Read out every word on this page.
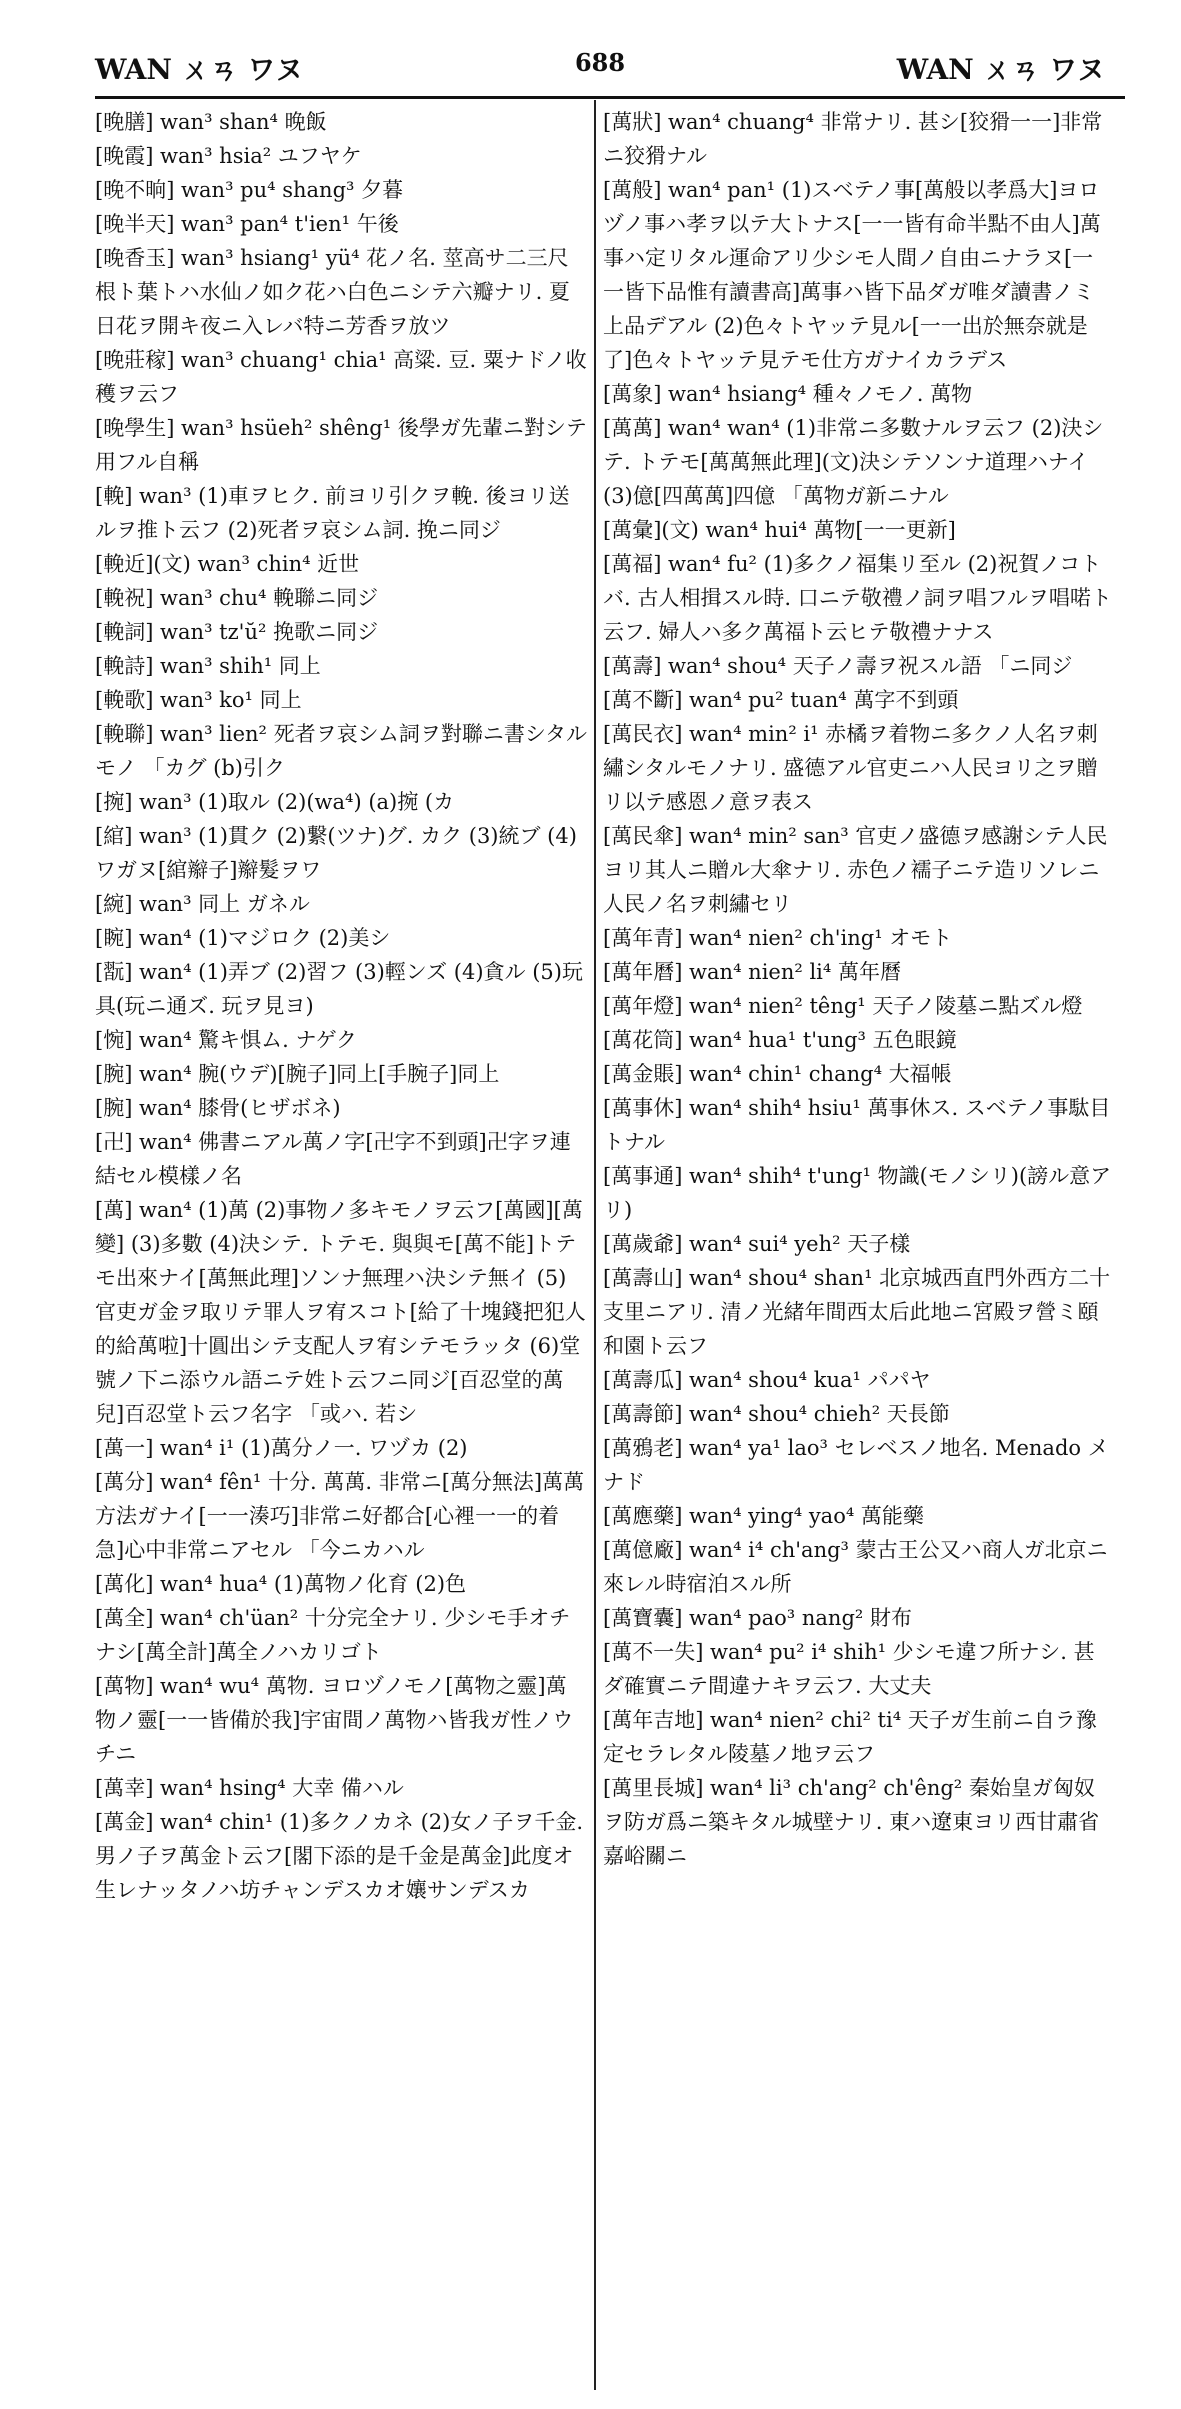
WAN ㄨㄢ ワヌ	688	WAN ㄨㄢ ワヌ

[晚膳] wan³ shan⁴ 晚飯

[晚霞] wan³ hsia² ユフヤケ

[晚不晌] wan³ pu⁴ shang³ 夕暮

[晚半天] wan³ pan⁴ t'ien¹ 午後

[晚香玉] wan³ hsiang¹ yü⁴ 花ノ名. 莖高サ二三尺根ト葉トハ水仙ノ如ク花ハ白色ニシテ六瓣ナリ. 夏日花ヲ開キ夜ニ入レバ特ニ芳香ヲ放ツ

[晚莊稼] wan³ chuang¹ chia¹ 高粱. 豆. 粟ナドノ收穫ヲ云フ

[晚學生] wan³ hsüeh² shêng¹ 後學ガ先輩ニ對シテ用フル自稱

[輓] wan³ (1)車ヲヒク. 前ヨリ引クヲ輓. 後ヨリ送ルヲ推ト云フ (2)死者ヲ哀シム詞. 挽ニ同ジ

[輓近](文) wan³ chin⁴ 近世

[輓祝] wan³ chu⁴ 輓聯ニ同ジ

[輓詞] wan³ tz'ŭ² 挽歌ニ同ジ

[輓詩] wan³ shih¹ 同上

[輓歌] wan³ ko¹ 同上

[輓聯] wan³ lien² 死者ヲ哀シム詞ヲ對聯ニ書シタルモノ 「カグ (b)引ク

[捥] wan³ (1)取ル (2)(wa⁴) (a)捥 (カ

[綰] wan³ (1)貫ク (2)繋(ツナ)グ. カク (3)統ブ (4)ワガヌ[綰辮子]辮髮ヲワ

[綩] wan³ 同上 ガネル

[睕] wan⁴ (1)マジロク (2)美シ

[翫] wan⁴ (1)弄ブ (2)習フ (3)輕ンズ (4)貪ル (5)玩具(玩ニ通ズ. 玩ヲ見ヨ)

[惋] wan⁴ 驚キ惧ム. ナゲク

[腕] wan⁴ 腕(ウデ)[腕子]同上[手腕子]同上

[腕] wan⁴ 膝骨(ヒザボネ)

[卍] wan⁴ 佛書ニアル萬ノ字[卍字不到頭]卍字ヲ連結セル模樣ノ名

[萬] wan⁴ (1)萬 (2)事物ノ多キモノヲ云フ[萬國][萬變] (3)多數 (4)決シテ. トテモ. 與與モ[萬不能]トテモ出來ナイ[萬無此理]ソンナ無理ハ決シテ無イ (5)官吏ガ金ヲ取リテ罪人ヲ宥スコト[給了十塊錢把犯人的給萬啦]十圓出シテ支配人ヲ宥シテモラッタ (6)堂號ノ下ニ添ウル語ニテ姓ト云フニ同ジ[百忍堂的萬兒]百忍堂ト云フ名字 「或ハ. 若シ

[萬一] wan⁴ i¹ (1)萬分ノ一. ワヅカ (2)

[萬分] wan⁴ fên¹ 十分. 萬萬. 非常ニ[萬分無法]萬萬方法ガナイ[一一湊巧]非常ニ好都合[心裡一一的着急]心中非常ニアセル 「今ニカハル

[萬化] wan⁴ hua⁴ (1)萬物ノ化育 (2)色

[萬全] wan⁴ ch'üan² 十分完全ナリ. 少シモ手オチナシ[萬全計]萬全ノハカリゴト

[萬物] wan⁴ wu⁴ 萬物. ヨロヅノモノ[萬物之靈]萬物ノ靈[一一皆備於我]宇宙間ノ萬物ハ皆我ガ性ノウチニ

[萬幸] wan⁴ hsing⁴ 大幸 備ハル

[萬金] wan⁴ chin¹ (1)多クノカネ (2)女ノ子ヲ千金. 男ノ子ヲ萬金ト云フ[閣下添的是千金是萬金]此度オ生レナッタノハ坊チャンデスカオ孃サンデスカ

[萬狀] wan⁴ chuang⁴ 非常ナリ. 甚シ[狡猾一一]非常ニ狡猾ナル

[萬般] wan⁴ pan¹ (1)スベテノ事[萬般以孝爲大]ヨロヅノ事ハ孝ヲ以テ大トナス[一一皆有命半點不由人]萬事ハ定リタル運命アリ少シモ人間ノ自由ニナラヌ[一一皆下品惟有讀書高]萬事ハ皆下品ダガ唯ダ讀書ノミ上品デアル (2)色々トヤッテ見ル[一一出於無奈就是了]色々トヤッテ見テモ仕方ガナイカラデス

[萬象] wan⁴ hsiang⁴ 種々ノモノ. 萬物

[萬萬] wan⁴ wan⁴ (1)非常ニ多數ナルヲ云フ (2)決シテ. トテモ[萬萬無此理](文)決シテソンナ道理ハナイ (3)億[四萬萬]四億 「萬物ガ新ニナル

[萬彙](文) wan⁴ hui⁴ 萬物[一一更新]

[萬福] wan⁴ fu² (1)多クノ福集リ至ル (2)祝賀ノコトバ. 古人相揖スル時. 口ニテ敬禮ノ詞ヲ唱フルヲ唱喏ト云フ. 婦人ハ多ク萬福ト云ヒテ敬禮ナナス

[萬壽] wan⁴ shou⁴ 天子ノ壽ヲ祝スル語 「ニ同ジ

[萬不斷] wan⁴ pu² tuan⁴ 萬字不到頭

[萬民衣] wan⁴ min² i¹ 赤橘ヲ着物ニ多クノ人名ヲ刺繡シタルモノナリ. 盛德アル官吏ニハ人民ヨリ之ヲ贈リ以テ感恩ノ意ヲ表ス

[萬民傘] wan⁴ min² san³ 官吏ノ盛德ヲ感謝シテ人民ヨリ其人ニ贈ル大傘ナリ. 赤色ノ襦子ニテ造リソレニ人民ノ名ヲ刺繡セリ

[萬年青] wan⁴ nien² ch'ing¹ オモト

[萬年曆] wan⁴ nien² li⁴ 萬年曆

[萬年燈] wan⁴ nien² têng¹ 天子ノ陵墓ニ點ズル燈

[萬花筒] wan⁴ hua¹ t'ung³ 五色眼鏡

[萬金賬] wan⁴ chin¹ chang⁴ 大福帳

[萬事休] wan⁴ shih⁴ hsiu¹ 萬事休ス. スベテノ事駄目トナル

[萬事通] wan⁴ shih⁴ t'ung¹ 物識(モノシリ)(謗ル意アリ)

[萬歲爺] wan⁴ sui⁴ yeh² 天子樣

[萬壽山] wan⁴ shou⁴ shan¹ 北京城西直門外西方二十支里ニアリ. 清ノ光緒年間西太后此地ニ宮殿ヲ營ミ頤和園ト云フ

[萬壽瓜] wan⁴ shou⁴ kua¹ パパヤ

[萬壽節] wan⁴ shou⁴ chieh² 天長節

[萬鴉老] wan⁴ ya¹ lao³ セレベスノ地名. Menado メナド

[萬應藥] wan⁴ ying⁴ yao⁴ 萬能藥

[萬億廠] wan⁴ i⁴ ch'ang³ 蒙古王公又ハ商人ガ北京ニ來レル時宿泊スル所

[萬寶囊] wan⁴ pao³ nang² 財布

[萬不一失] wan⁴ pu² i⁴ shih¹ 少シモ違フ所ナシ. 甚ダ確實ニテ間違ナキヲ云フ. 大丈夫

[萬年吉地] wan⁴ nien² chi² ti⁴ 天子ガ生前ニ自ラ豫定セラレタル陵墓ノ地ヲ云フ

[萬里長城] wan⁴ li³ ch'ang² ch'êng² 秦始皇ガ匈奴ヲ防ガ爲ニ築キタル城壁ナリ. 東ハ遼東ヨリ西甘肅省嘉峪關ニ
